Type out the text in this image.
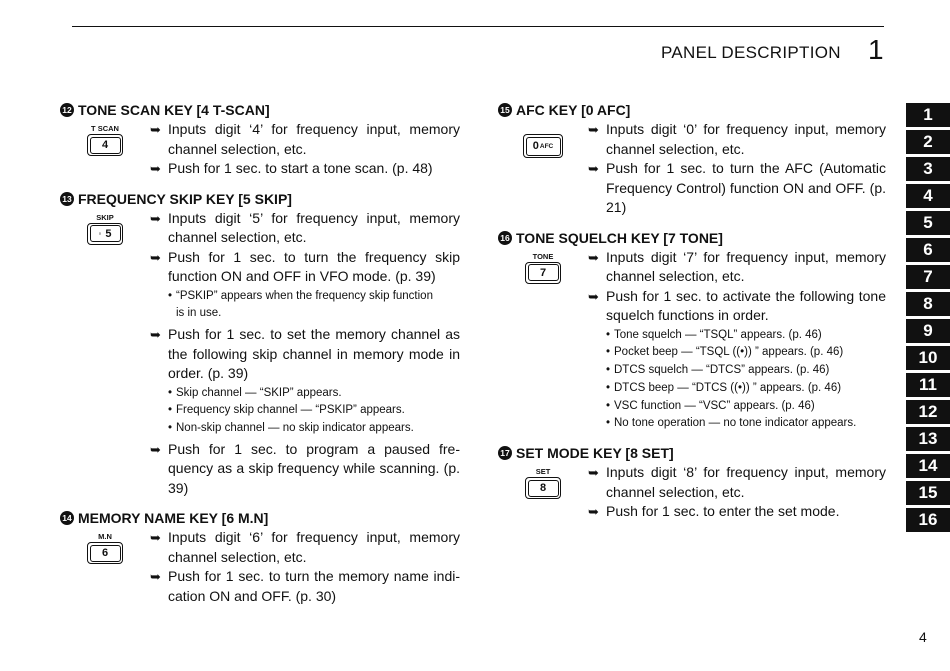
PANEL DESCRIPTION 1
12 TONE SCAN KEY [4 T-SCAN]
T SCAN
4
➥ Inputs digit ‘4’ for frequency input, memory channel selection, etc.
➥ Push for 1 sec. to start a tone scan. (p. 48)
13 FREQUENCY SKIP KEY [5 SKIP]
SKIP
◦ 5
➥ Inputs digit ‘5’ for frequency input, memory channel selection, etc.
➥ Push for 1 sec. to turn the frequency skip function ON and OFF in VFO mode. (p. 39)
• “PSKIP” appears when the frequency skip function
is in use.
➥ Push for 1 sec. to set the memory channel as the following skip channel in memory mode in order. (p. 39)
• Skip channel — “SKIP” appears.
• Frequency skip channel — “PSKIP” appears.
• Non-skip channel — no skip indicator appears.
➥ Push for 1 sec. to program a paused fre-quency as a skip frequency while scanning. (p. 39)
14 MEMORY NAME KEY [6 M.N]
M.N
6
➥ Inputs digit ‘6’ for frequency input, memory channel selection, etc.
➥ Push for 1 sec. to turn the memory name indi-cation ON and OFF. (p. 30)
15 AFC KEY [0 AFC]
0 AFC
➥ Inputs digit ‘0’ for frequency input, memory channel selection, etc.
➥ Push for 1 sec. to turn the AFC (Automatic Frequency Control) function ON and OFF. (p. 21)
16 TONE SQUELCH KEY [7 TONE]
TONE
7
➥ Inputs digit ‘7’ for frequency input, memory channel selection, etc.
➥ Push for 1 sec. to activate the following tone squelch functions in order.
• Tone squelch — “TSQL” appears. (p. 46)
• Pocket beep — “TSQL ((•)) ” appears. (p. 46)
• DTCS squelch — “DTCS” appears. (p. 46)
• DTCS beep — “DTCS ((•)) ” appears. (p. 46)
• VSC function — “VSC” appears. (p. 46)
• No tone operation — no tone indicator appears.
17 SET MODE KEY [8 SET]
SET
8
➥ Inputs digit ‘8’ for frequency input, memory channel selection, etc.
➥ Push for 1 sec. to enter the set mode.
1
2
3
4
5
6
7
8
9
10
11
12
13
14
15
16
4
